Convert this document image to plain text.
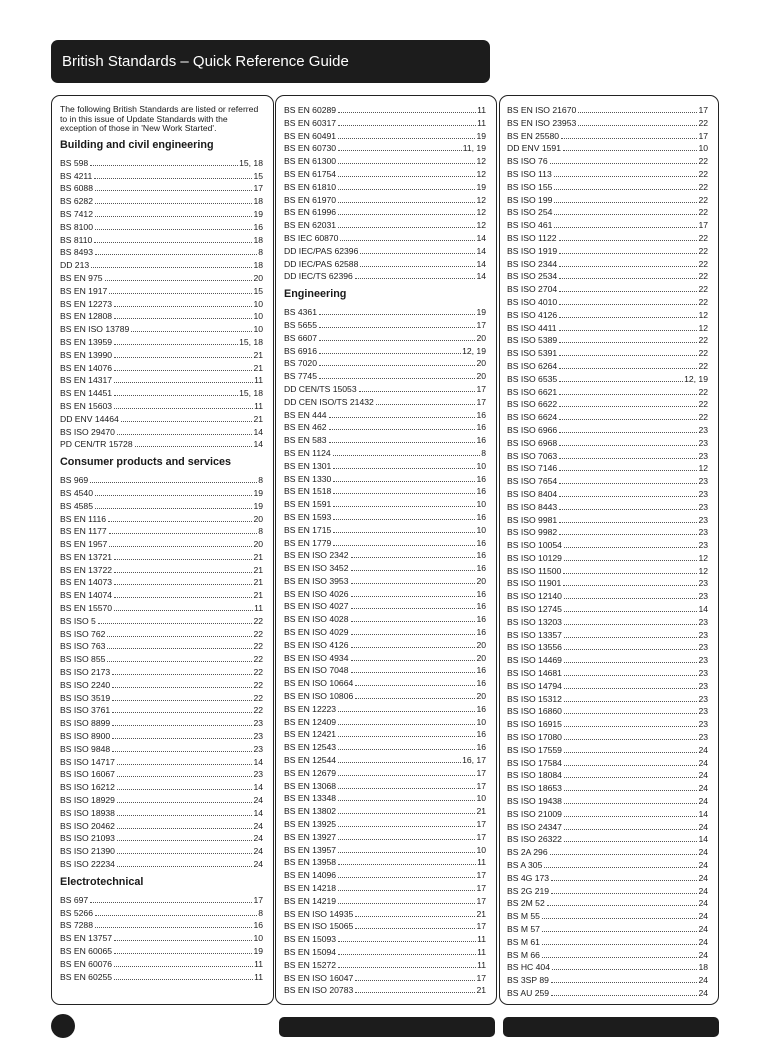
British Standards – Quick Reference Guide

The following British Standards are listed or referred to in this issue of Update Standards with the exception of those in 'New Work Started'.

Building and civil engineering
BS 598	15, 18
BS 4211	15
BS 6088	17
BS 6282	18
BS 7412	19
BS 8100	16
BS 8110	18
BS 8493	8
DD 213	18
BS EN 975	20
BS EN 1917	15
BS EN 12273	10
BS EN 12808	10
BS EN ISO 13789	10
BS EN 13959	15, 18
BS EN 13990	21
BS EN 14076	21
BS EN 14317	11
BS EN 14451	15, 18
BS EN 15603	11
DD ENV 14464	21
BS ISO 29470	14
PD CEN/TR 15728	14
Consumer products and services
BS 969	8
BS 4540	19
BS 4585	19
BS EN 1116	20
BS EN 1177	8
BS EN 1957	20
BS EN 13721	21
BS EN 13722	21
BS EN 14073	21
BS EN 14074	21
BS EN 15570	11
BS ISO 5	22
BS ISO 762	22
BS ISO 763	22
BS ISO 855	22
BS ISO 2173	22
BS ISO 2240	22
BS ISO 3519	22
BS ISO 3761	22
BS ISO 8899	23
BS ISO 8900	23
BS ISO 9848	23
BS ISO 14717	14
BS ISO 16067	23
BS ISO 16212	14
BS ISO 18929	24
BS ISO 18938	14
BS ISO 20462	24
BS ISO 21093	24
BS ISO 21390	24
BS ISO 22234	24
Electrotechnical
BS 697	17
BS 5266	8
BS 7288	16
BS EN 13757	10
BS EN 60065	19
BS EN 60076	11
BS EN 60255	11
BS EN 60289	11
BS EN 60317	11
BS EN 60491	19
BS EN 60730	11, 19
BS EN 61300	12
BS EN 61754	12
BS EN 61810	19
BS EN 61970	12
BS EN 61996	12
BS EN 62031	12
BS IEC 60870	14
DD IEC/PAS 62396	14
DD IEC/PAS 62588	14
DD IEC/TS 62396	14
Engineering
BS 4361	19
BS 5655	17
BS 6607	20
BS 6916	12, 19
BS 7020	20
BS 7745	20
DD CEN/TS 15053	17
DD CEN ISO/TS 21432	17
BS EN 444	16
BS EN 462	16
BS EN 583	16
BS EN 1124	8
BS EN 1301	10
BS EN 1330	16
BS EN 1518	16
BS EN 1591	10
BS EN 1593	16
BS EN 1715	10
BS EN 1779	16
BS EN ISO 2342	16
BS EN ISO 3452	16
BS EN ISO 3953	20
BS EN ISO 4026	16
BS EN ISO 4027	16
BS EN ISO 4028	16
BS EN ISO 4029	16
BS EN ISO 4126	20
BS EN ISO 4934	20
BS EN ISO 7048	16
BS EN ISO 10664	16
BS EN ISO 10806	20
BS EN 12223	16
BS EN 12409	10
BS EN 12421	16
BS EN 12543	16
BS EN 12544	16, 17
BS EN 12679	17
BS EN 13068	17
BS EN 13348	10
BS EN 13802	21
BS EN 13925	17
BS EN 13927	17
BS EN 13957	10
BS EN 13958	11
BS EN 14096	17
BS EN 14218	17
BS EN 14219	17
BS EN ISO 14935	21
BS EN ISO 15065	17
BS EN 15093	11
BS EN 15094	11
BS EN 15272	11
BS EN ISO 16047	17
BS EN ISO 20783	21
BS EN ISO 21670	17
BS EN ISO 23953	22
BS EN 25580	17
DD ENV 1591	10
BS ISO 76	22
BS ISO 113	22
BS ISO 155	22
BS ISO 199	22
BS ISO 254	22
BS ISO 461	17
BS ISO 1122	22
BS ISO 1919	22
BS ISO 2344	22
BS ISO 2534	22
BS ISO 2704	22
BS ISO 4010	22
BS ISO 4126	12
BS ISO 4411	12
BS ISO 5389	22
BS ISO 5391	22
BS ISO 6264	22
BS ISO 6535	12, 19
BS ISO 6621	22
BS ISO 6622	22
BS ISO 6624	22
BS ISO 6966	23
BS ISO 6968	23
BS ISO 7063	23
BS ISO 7146	12
BS ISO 7654	23
BS ISO 8404	23
BS ISO 8443	23
BS ISO 9981	23
BS ISO 9982	23
BS ISO 10054	23
BS ISO 10129	12
BS ISO 11500	12
BS ISO 11901	23
BS ISO 12140	23
BS ISO 12745	14
BS ISO 13203	23
BS ISO 13357	23
BS ISO 13556	23
BS ISO 14469	23
BS ISO 14681	23
BS ISO 14794	23
BS ISO 15312	23
BS ISO 16860	23
BS ISO 16915	23
BS ISO 17080	23
BS ISO 17559	24
BS ISO 17584	24
BS ISO 18084	24
BS ISO 18653	24
BS ISO 19438	24
BS ISO 21009	14
BS ISO 24347	24
BS ISO 26322	14
BS 2A 296	24
BS A 305	24
BS 4G 173	24
BS 2G 219	24
BS 2M 52	24
BS M 55	24
BS M 57	24
BS M 61	24
BS M 66	24
BS HC 404	18
BS 3SP 89	24
BS AU 259	24
